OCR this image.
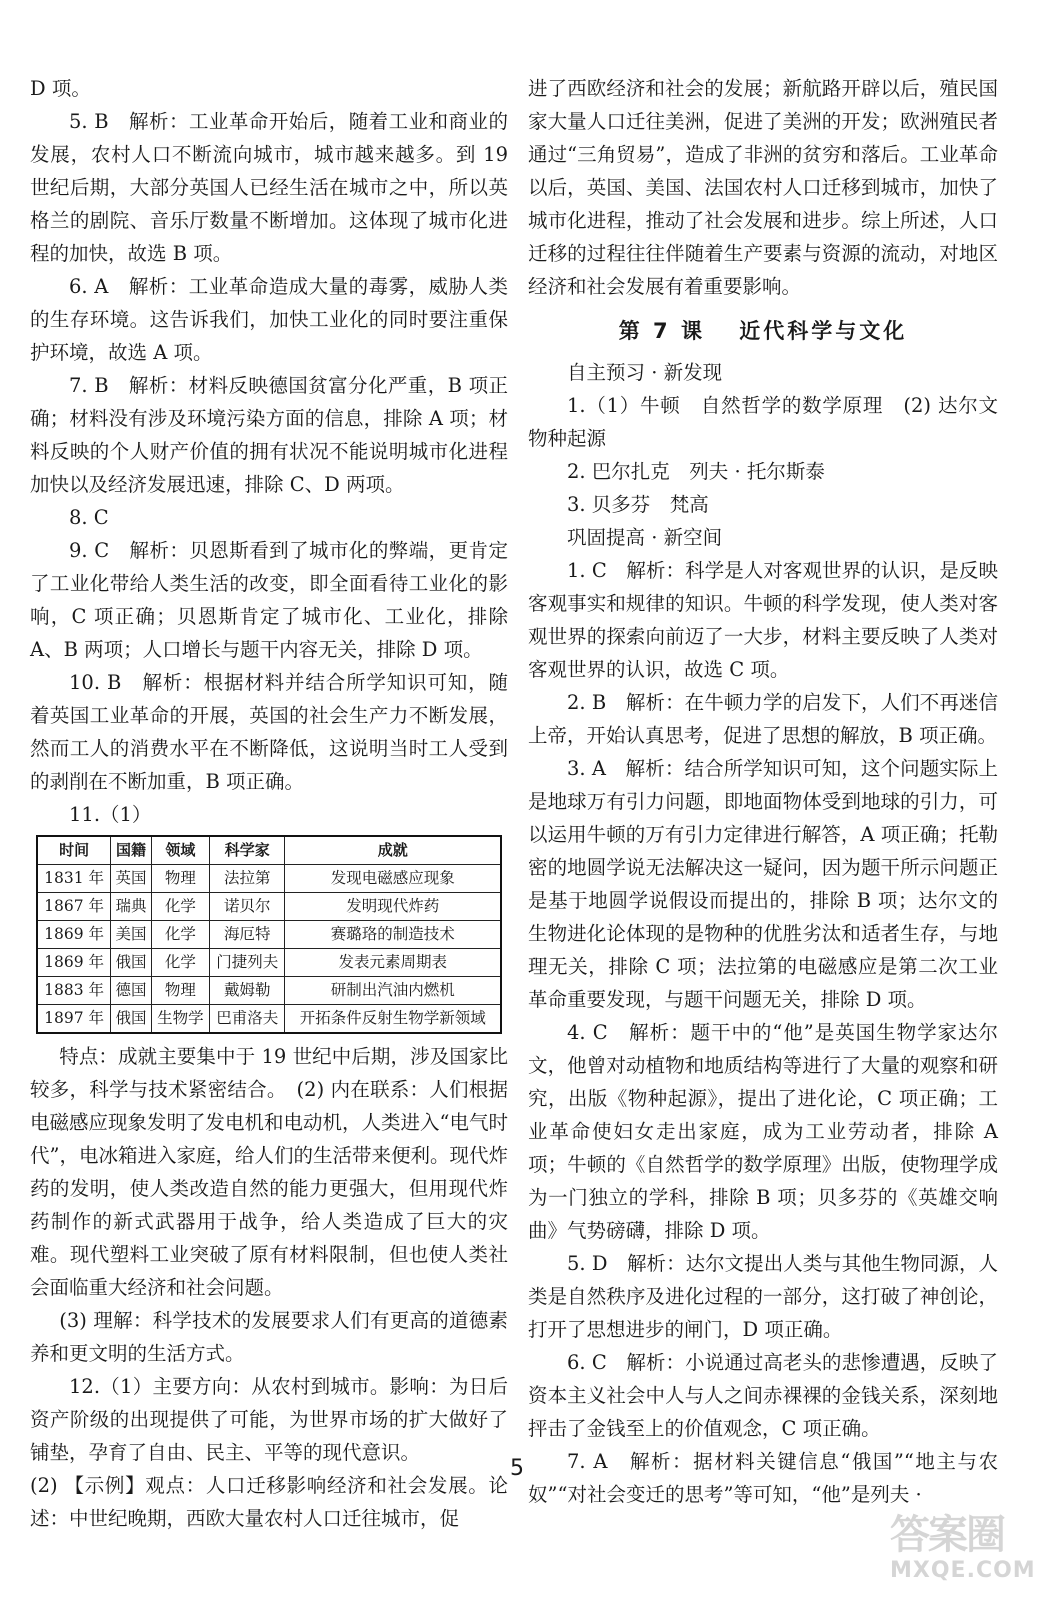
D 项。

5. B　解析：工业革命开始后，随着工业和商业的发展，农村人口不断流向城市，城市越来越多。到 19 世纪后期，大部分英国人已经生活在城市之中，所以英格兰的剧院、音乐厅数量不断增加。这体现了城市化进程的加快，故选 B 项。

6. A　解析：工业革命造成大量的毒雾，威胁人类的生存环境。这告诉我们，加快工业化的同时要注重保护环境，故选 A 项。

7. B　解析：材料反映德国贫富分化严重，B 项正确；材料没有涉及环境污染方面的信息，排除 A 项；材料反映的个人财产价值的拥有状况不能说明城市化进程加快以及经济发展迅速，排除 C、D 两项。

8. C

9. C　解析：贝恩斯看到了城市化的弊端，更肯定了工业化带给人类生活的改变，即全面看待工业化的影响，C 项正确；贝恩斯肯定了城市化、工业化，排除 A、B 两项；人口增长与题干内容无关，排除 D 项。

10. B　解析：根据材料并结合所学知识可知，随着英国工业革命的开展，英国的社会生产力不断发展，然而工人的消费水平在不断降低，这说明当时工人受到的剥削在不断加重，B 项正确。

11.（1）

时间	国籍	领域	科学家	成就
1831 年	英国	物理	法拉第	发现电磁感应现象
1867 年	瑞典	化学	诺贝尔	发明现代炸药
1869 年	美国	化学	海厄特	赛璐珞的制造技术
1869 年	俄国	化学	门捷列夫	发表元素周期表
1883 年	德国	物理	戴姆勒	研制出汽油内燃机
1897 年	俄国	生物学	巴甫洛夫	开拓条件反射生物学新领域

特点：成就主要集中于 19 世纪中后期，涉及国家比较多，科学与技术紧密结合。　(2) 内在联系：人们根据电磁感应现象发明了发电机和电动机，人类进入“电气时代”，电冰箱进入家庭，给人们的生活带来便利。现代炸药的发明，使人类改造自然的能力更强大，但用现代炸药制作的新式武器用于战争，给人类造成了巨大的灾难。现代塑料工业突破了原有材料限制，但也使人类社会面临重大经济和社会问题。

(3) 理解：科学技术的发展要求人们有更高的道德素养和更文明的生活方式。

12.（1）主要方向：从农村到城市。影响：为日后资产阶级的出现提供了可能，为世界市场的扩大做好了铺垫，孕育了自由、民主、平等的现代意识。

(2) 【示例】观点：人口迁移影响经济和社会发展。论述：中世纪晚期，西欧大量农村人口迁往城市，促

进了西欧经济和社会的发展；新航路开辟以后，殖民国家大量人口迁往美洲，促进了美洲的开发；欧洲殖民者通过“三角贸易”，造成了非洲的贫穷和落后。工业革命以后，英国、美国、法国农村人口迁移到城市，加快了城市化进程，推动了社会发展和进步。综上所述，人口迁移的过程往往伴随着生产要素与资源的流动，对地区经济和社会发展有着重要影响。

第 7 课 近代科学与文化

自主预习 · 新发现

1.（1）牛顿　自然哲学的数学原理　(2) 达尔文　物种起源

2. 巴尔扎克　列夫 · 托尔斯泰

3. 贝多芬　梵高

巩固提高 · 新空间

1. C　解析：科学是人对客观世界的认识，是反映客观事实和规律的知识。牛顿的科学发现，使人类对客观世界的探索向前迈了一大步，材料主要反映了人类对客观世界的认识，故选 C 项。

2. B　解析：在牛顿力学的启发下，人们不再迷信上帝，开始认真思考，促进了思想的解放，B 项正确。

3. A　解析：结合所学知识可知，这个问题实际上是地球万有引力问题，即地面物体受到地球的引力，可以运用牛顿的万有引力定律进行解答，A 项正确；托勒密的地圆学说无法解决这一疑问，因为题干所示问题正是基于地圆学说假设而提出的，排除 B 项；达尔文的生物进化论体现的是物种的优胜劣汰和适者生存，与地理无关，排除 C 项；法拉第的电磁感应是第二次工业革命重要发现，与题干问题无关，排除 D 项。

4. C　解析：题干中的“他”是英国生物学家达尔文，他曾对动植物和地质结构等进行了大量的观察和研究，出版《物种起源》，提出了进化论，C 项正确；工业革命使妇女走出家庭，成为工业劳动者，排除 A 项；牛顿的《自然哲学的数学原理》出版，使物理学成为一门独立的学科，排除 B 项；贝多芬的《英雄交响曲》气势磅礴，排除 D 项。

5. D　解析：达尔文提出人类与其他生物同源，人类是自然秩序及进化过程的一部分，这打破了神创论，打开了思想进步的闸门，D 项正确。

6. C　解析：小说通过高老头的悲惨遭遇，反映了资本主义社会中人与人之间赤裸裸的金钱关系，深刻地抨击了金钱至上的价值观念，C 项正确。

7. A　解析：据材料关键信息“俄国”“地主与农奴”“对社会变迁的思考”等可知，“他”是列夫 ·

5
答案圈
MXQE.COM
